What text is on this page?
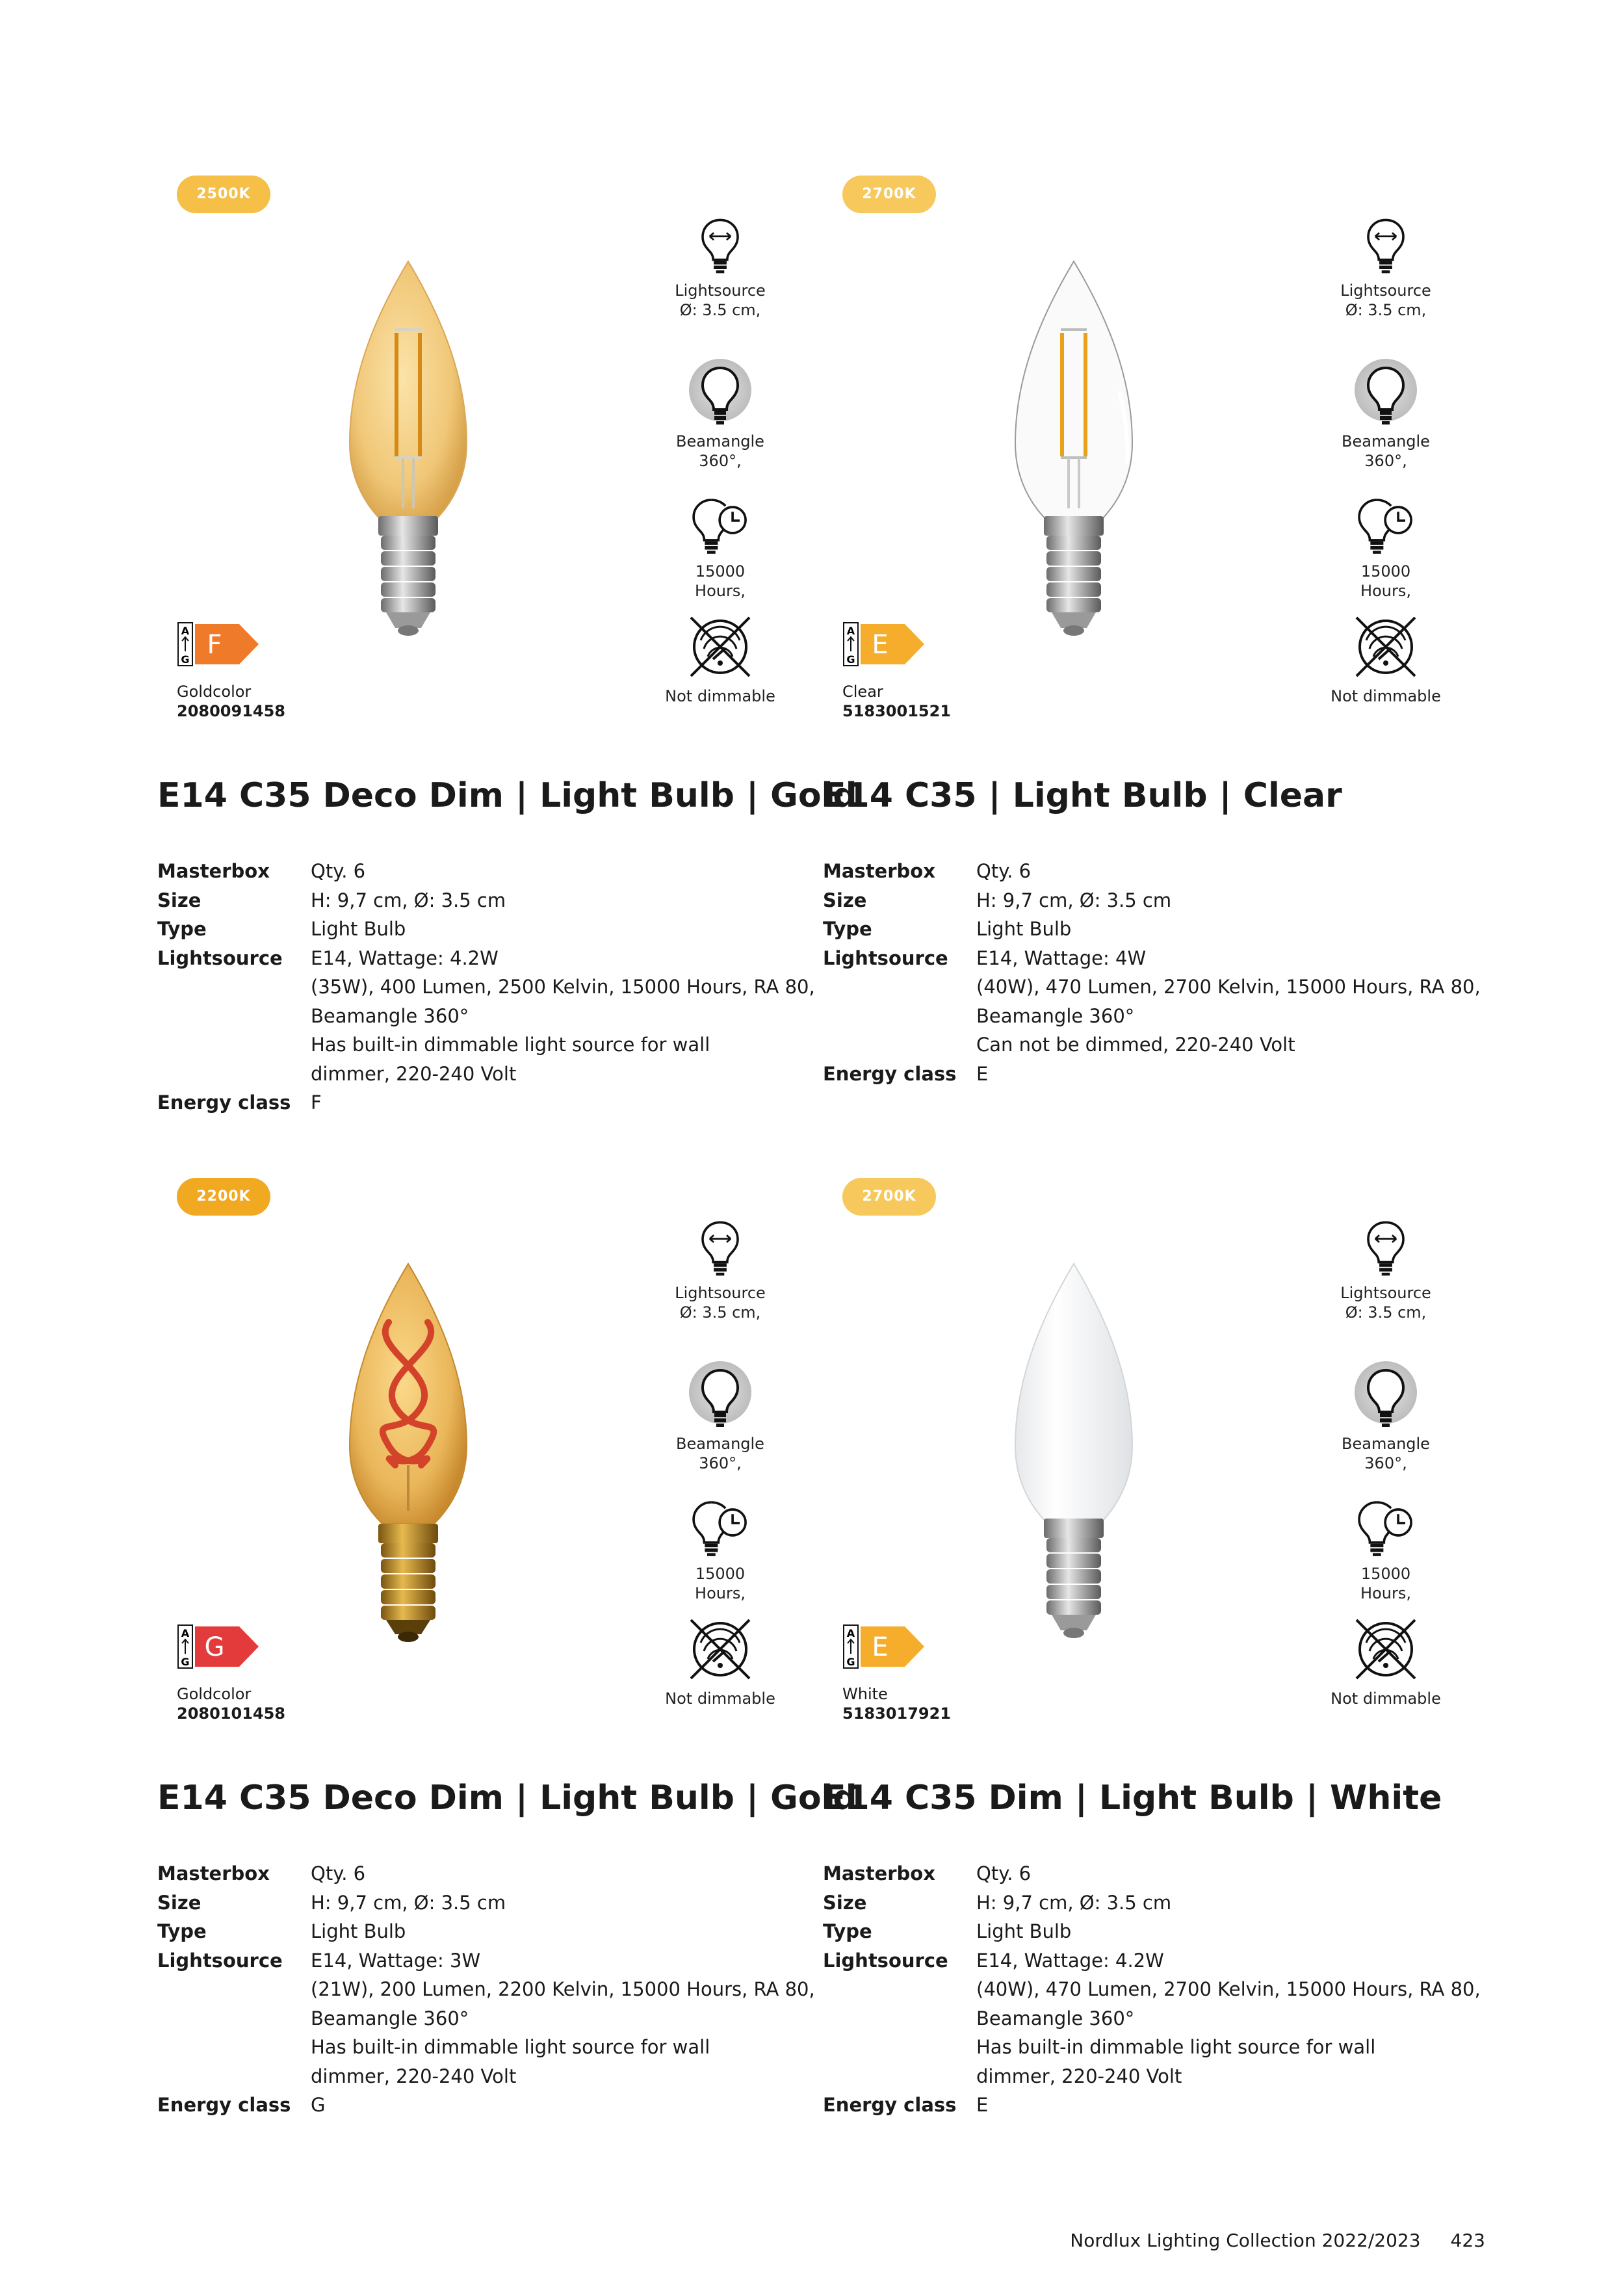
2500K
Lightsource
Ø: 3.5 cm,
Beamangle
360°,
15000
Hours,
Not dimmable
A
G F
Goldcolor
2080091458
E14 C35 Deco Dim | Light Bulb | Gold
Masterbox	Qty. 6
Size	H: 9,7 cm, Ø: 3.5 cm
Type	Light Bulb
Lightsource	E14, Wattage: 4.2W
(35W), 400 Lumen, 2500 Kelvin, 15000 Hours, RA 80,
Beamangle 360°
Has built-in dimmable light source for wall
dimmer, 220-240 Volt
Energy class	F
2700K
Lightsource
Ø: 3.5 cm,
Beamangle
360°,
15000
Hours,
Not dimmable
A
G E
Clear
5183001521
E14 C35 | Light Bulb | Clear
Masterbox	Qty. 6
Size	H: 9,7 cm, Ø: 3.5 cm
Type	Light Bulb
Lightsource	E14, Wattage: 4W
(40W), 470 Lumen, 2700 Kelvin, 15000 Hours, RA 80,
Beamangle 360°
Can not be dimmed, 220-240 Volt
Energy class	E
2200K
Lightsource
Ø: 3.5 cm,
Beamangle
360°,
15000
Hours,
Not dimmable
A
G G
Goldcolor
2080101458
E14 C35 Deco Dim | Light Bulb | Gold
Masterbox	Qty. 6
Size	H: 9,7 cm, Ø: 3.5 cm
Type	Light Bulb
Lightsource	E14, Wattage: 3W
(21W), 200 Lumen, 2200 Kelvin, 15000 Hours, RA 80,
Beamangle 360°
Has built-in dimmable light source for wall
dimmer, 220-240 Volt
Energy class	G
2700K
Lightsource
Ø: 3.5 cm,
Beamangle
360°,
15000
Hours,
Not dimmable
A
G E
White
5183017921
E14 C35 Dim | Light Bulb | White
Masterbox	Qty. 6
Size	H: 9,7 cm, Ø: 3.5 cm
Type	Light Bulb
Lightsource	E14, Wattage: 4.2W
(40W), 470 Lumen, 2700 Kelvin, 15000 Hours, RA 80,
Beamangle 360°
Has built-in dimmable light source for wall
dimmer, 220-240 Volt
Energy class	E
Nordlux Lighting Collection 2022/2023 423
